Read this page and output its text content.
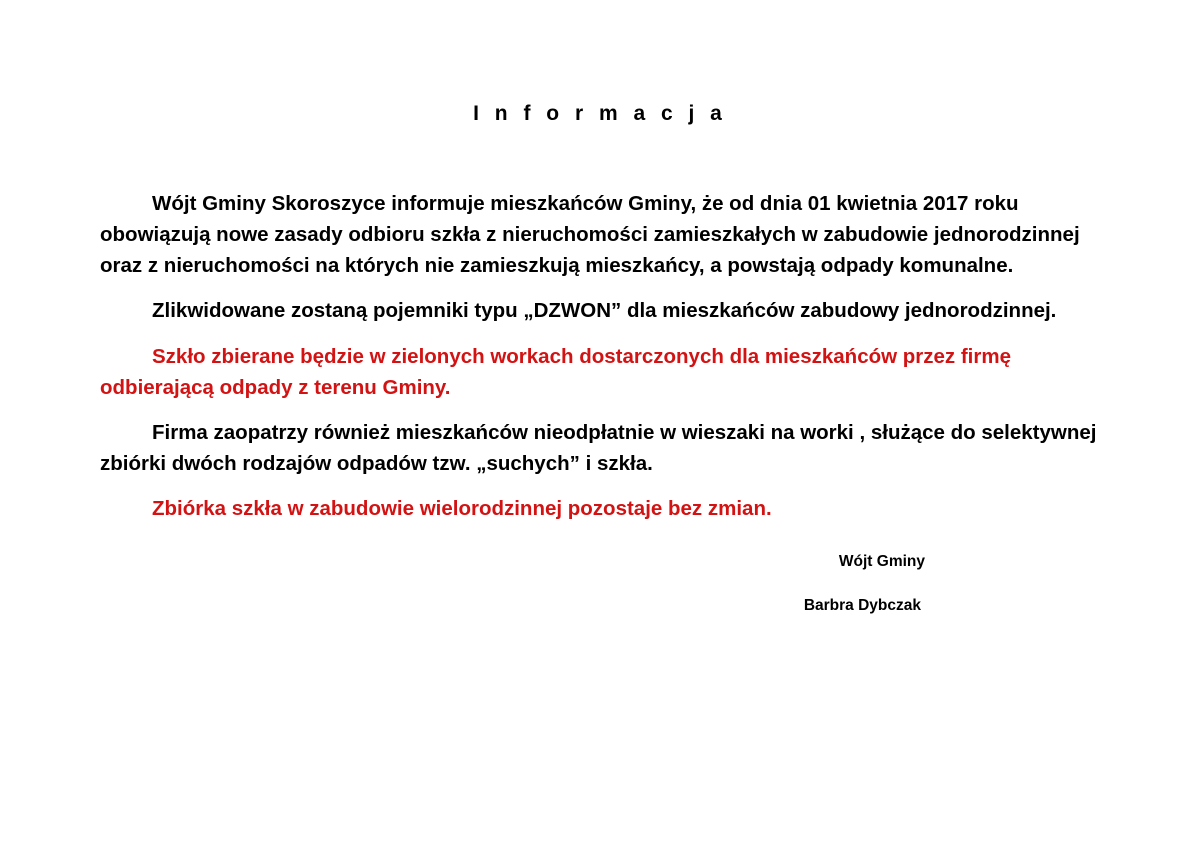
I n f o r m a c j a

Wójt Gminy Skoroszyce informuje mieszkańców Gminy, że od dnia 01 kwietnia 2017 roku obowiązują nowe zasady odbioru szkła z nieruchomości zamieszkałych w zabudowie jednorodzinnej oraz z nieruchomości na których nie zamieszkują mieszkańcy, a powstają odpady komunalne.

Zlikwidowane zostaną pojemniki typu „DZWON” dla mieszkańców zabudowy jednorodzinnej.

Szkło zbierane będzie w zielonych workach dostarczonych dla mieszkańców przez firmę odbierającą odpady z terenu Gminy.

Firma zaopatrzy również mieszkańców nieodpłatnie w wieszaki na worki , służące do selektywnej zbiórki dwóch rodzajów odpadów tzw. „suchych” i szkła.

Zbiórka szkła w zabudowie wielorodzinnej pozostaje bez zmian.

Wójt Gminy

Barbra Dybczak
